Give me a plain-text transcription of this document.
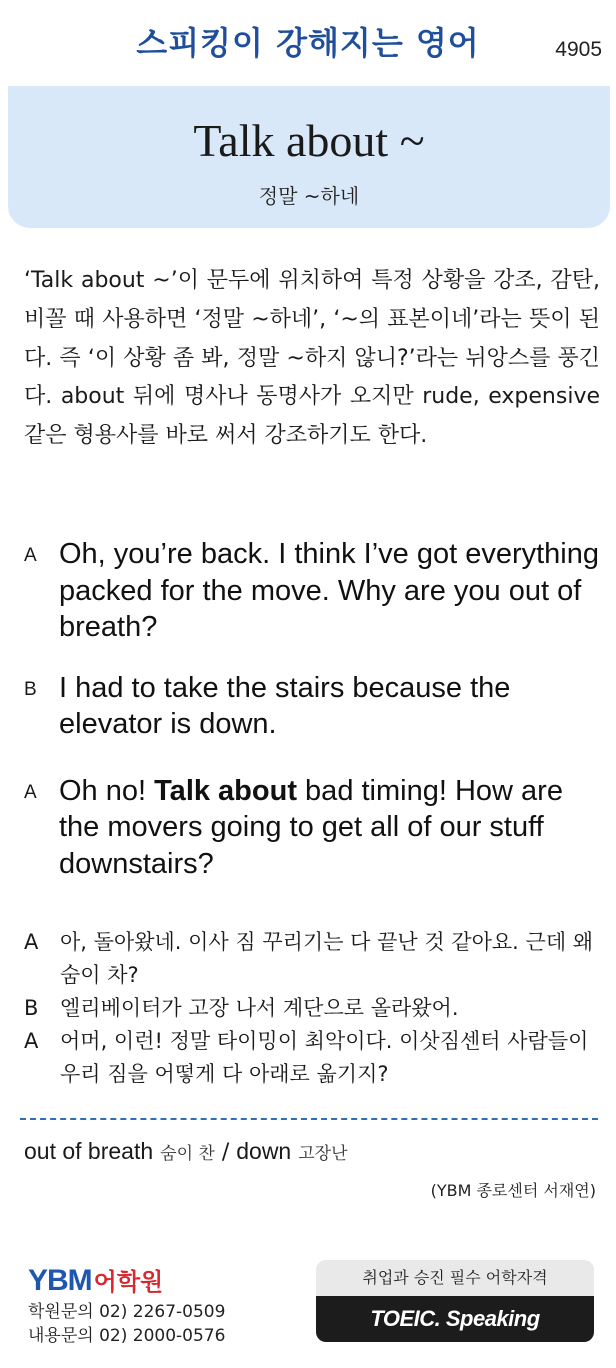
스피킹이 강해지는 영어	4905
Talk about ~
정말 ~하네
‘Talk about ~’이 문두에 위치하여 특정 상황을 강조, 감탄, 비꼴 때 사용하면 ‘정말 ~하네’, ‘~의 표본이네’라는 뜻이 된다. 즉 ‘이 상황 좀 봐, 정말 ~하지 않니?’라는 뉘앙스를 풍긴다. about 뒤에 명사나 동명사가 오지만 rude, expensive 같은 형용사를 바로 써서 강조하기도 한다.
A Oh, you’re back. I think I’ve got everything packed for the move. Why are you out of breath?
B I had to take the stairs because the elevator is down.
A Oh no! Talk about bad timing! How are the movers going to get all of our stuff downstairs?
A	아, 돌아왔네. 이사 짐 꾸리기는 다 끝난 것 같아요. 근데 왜 숨이 차?
B	엘리베이터가 고장 나서 계단으로 올라왔어.
A	어머, 이런! 정말 타이밍이 최악이다. 이삿짐센터 사람들이 우리 짐을 어떻게 다 아래로 옮기지?
out of breath 숨이 찬 / down 고장난
(YBM 종로센터 서재연)
YBM어학원
학원문의 02) 2267-0509
내용문의 02) 2000-0576
취업과 승진 필수 어학자격
TOEIC. Speaking
